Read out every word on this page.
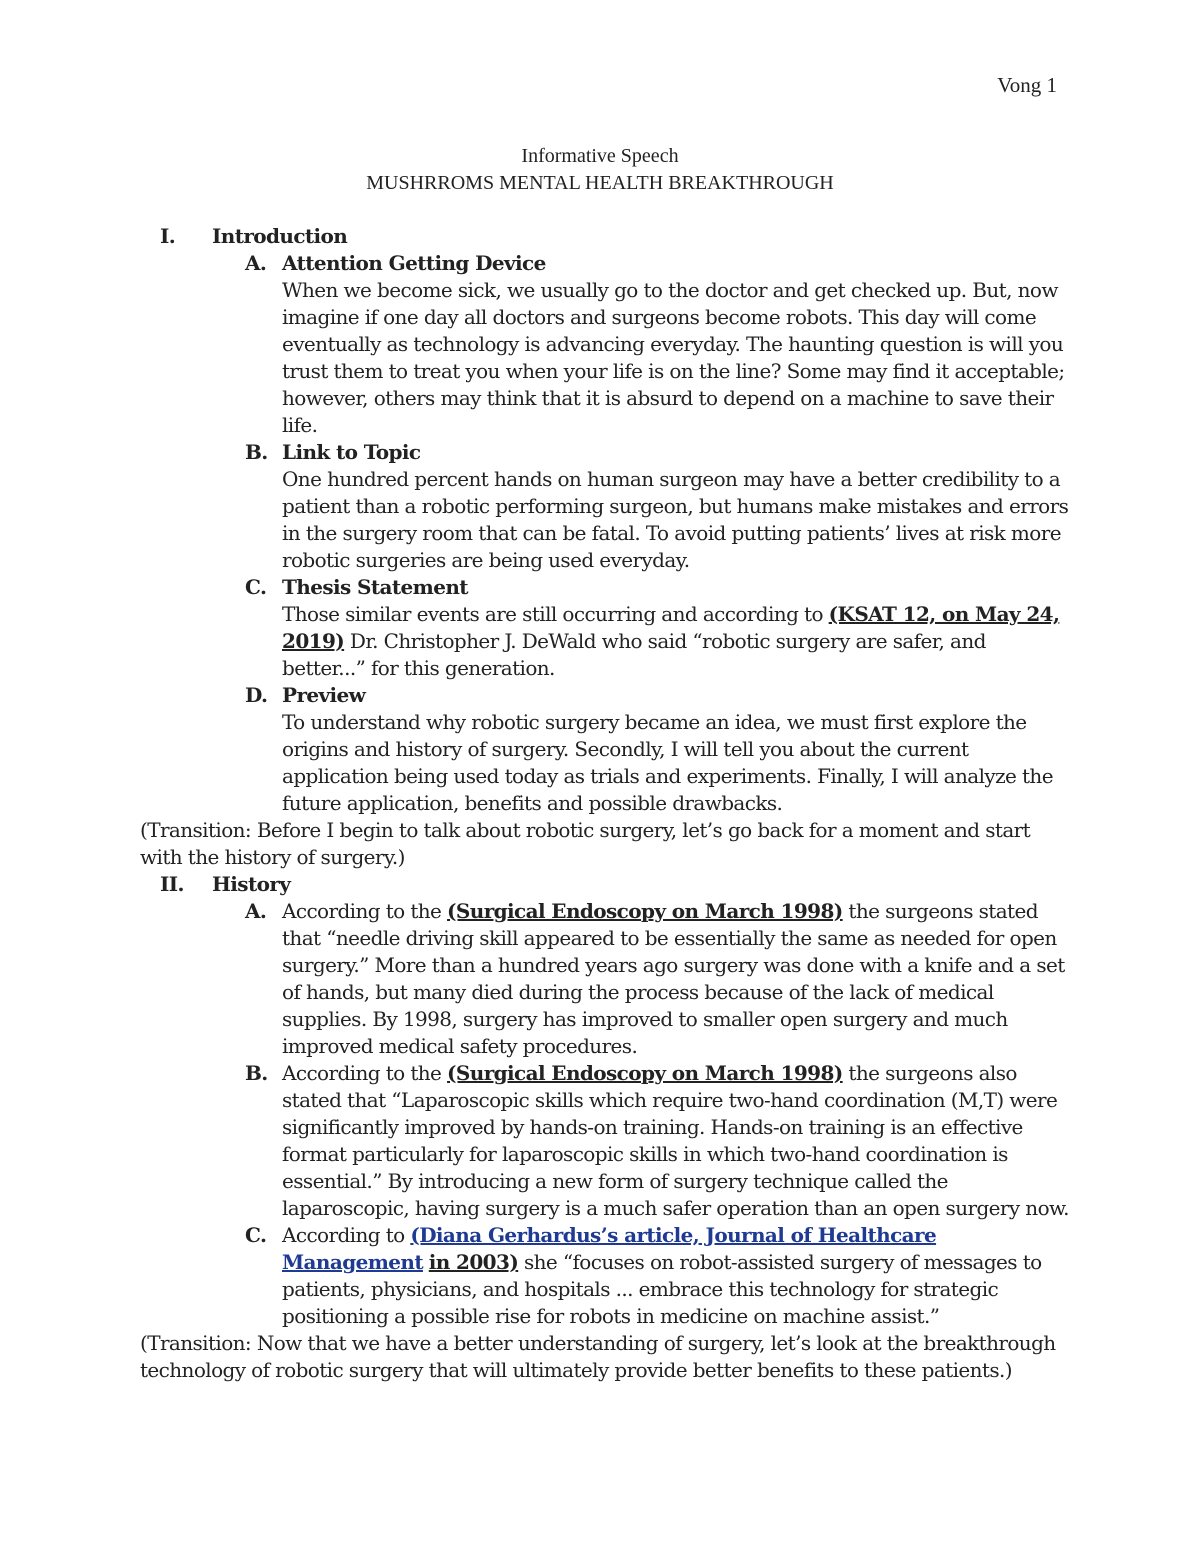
Vong 1
Informative Speech
MUSHRROMS MENTAL HEALTH BREAKTHROUGH
I. Introduction
A. Attention Getting Device
When we become sick, we usually go to the doctor and get checked up. But, now imagine if one day all doctors and surgeons become robots. This day will come eventually as technology is advancing everyday. The haunting question is will you trust them to treat you when your life is on the line? Some may find it acceptable; however, others may think that it is absurd to depend on a machine to save their life.
B. Link to Topic
One hundred percent hands on human surgeon may have a better credibility to a patient than a robotic performing surgeon, but humans make mistakes and errors in the surgery room that can be fatal. To avoid putting patients’ lives at risk more robotic surgeries are being used everyday.
C. Thesis Statement
Those similar events are still occurring and according to (KSAT 12, on May 24, 2019) Dr. Christopher J. DeWald who said “robotic surgery are safer, and better...” for this generation.
D. Preview
To understand why robotic surgery became an idea, we must first explore the origins and history of surgery. Secondly, I will tell you about the current application being used today as trials and experiments. Finally, I will analyze the future application, benefits and possible drawbacks.
(Transition: Before I begin to talk about robotic surgery, let’s go back for a moment and start with the history of surgery.)
II. History
A. According to the (Surgical Endoscopy on March 1998) the surgeons stated that “needle driving skill appeared to be essentially the same as needed for open surgery.” More than a hundred years ago surgery was done with a knife and a set of hands, but many died during the process because of the lack of medical supplies. By 1998, surgery has improved to smaller open surgery and much improved medical safety procedures.
B. According to the (Surgical Endoscopy on March 1998) the surgeons also stated that “Laparoscopic skills which require two-hand coordination (M,T) were significantly improved by hands-on training. Hands-on training is an effective format particularly for laparoscopic skills in which two-hand coordination is essential.” By introducing a new form of surgery technique called the laparoscopic, having surgery is a much safer operation than an open surgery now.
C. According to (Diana Gerhardus’s article, Journal of Healthcare Management in 2003) she “focuses on robot-assisted surgery of messages to patients, physicians, and hospitals ... embrace this technology for strategic positioning a possible rise for robots in medicine on machine assist.”
(Transition: Now that we have a better understanding of surgery, let’s look at the breakthrough technology of robotic surgery that will ultimately provide better benefits to these patients.)
